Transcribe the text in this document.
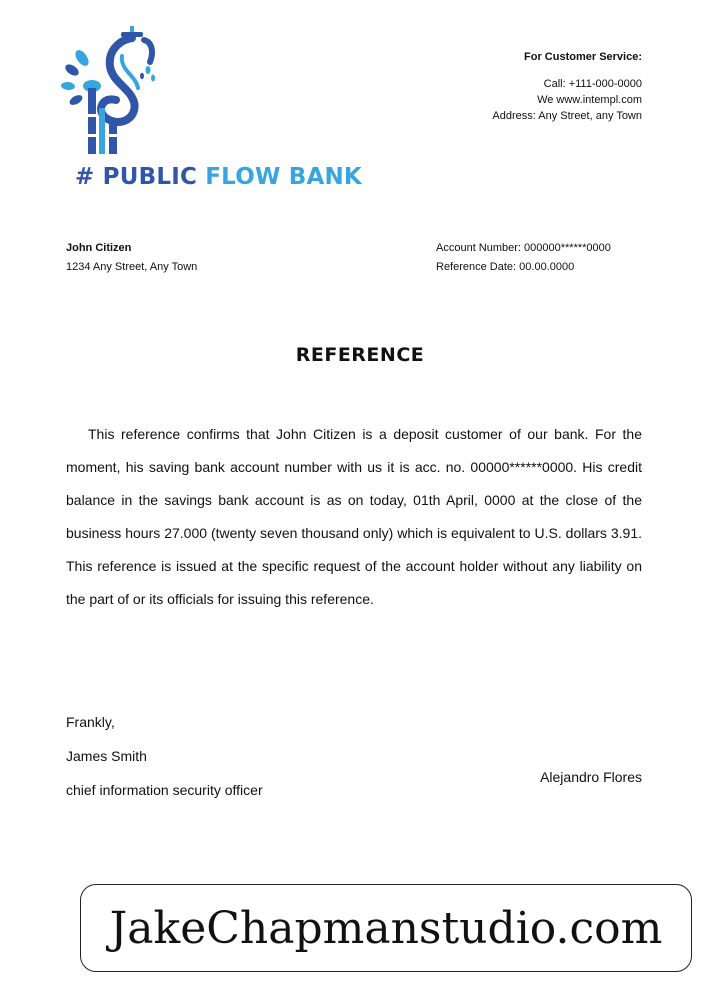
# PUBLIC FLOW BANK
For Customer Service:
Call: +111-000-0000
We www.intempl.com
Address: Any Street, any Town
John Citizen
1234 Any Street, Any Town
Account Number: 000000******0000
Reference Date: 00.00.0000
REFERENCE

This reference confirms that John Citizen is a deposit customer of our bank. For the moment, his saving bank account number with us it is acc. no. 00000******0000. His credit balance in the savings bank account is as on today, 01th April, 0000 at the close of the business hours 27.000 (twenty seven thousand only) which is equivalent to U.S. dollars 3.91. This reference is issued at the specific request of the account holder without any liability on the part of or its officials for issuing this reference.

Frankly,
James Smith
chief information security officer
Alejandro Flores
JakeChapmanstudio.com
